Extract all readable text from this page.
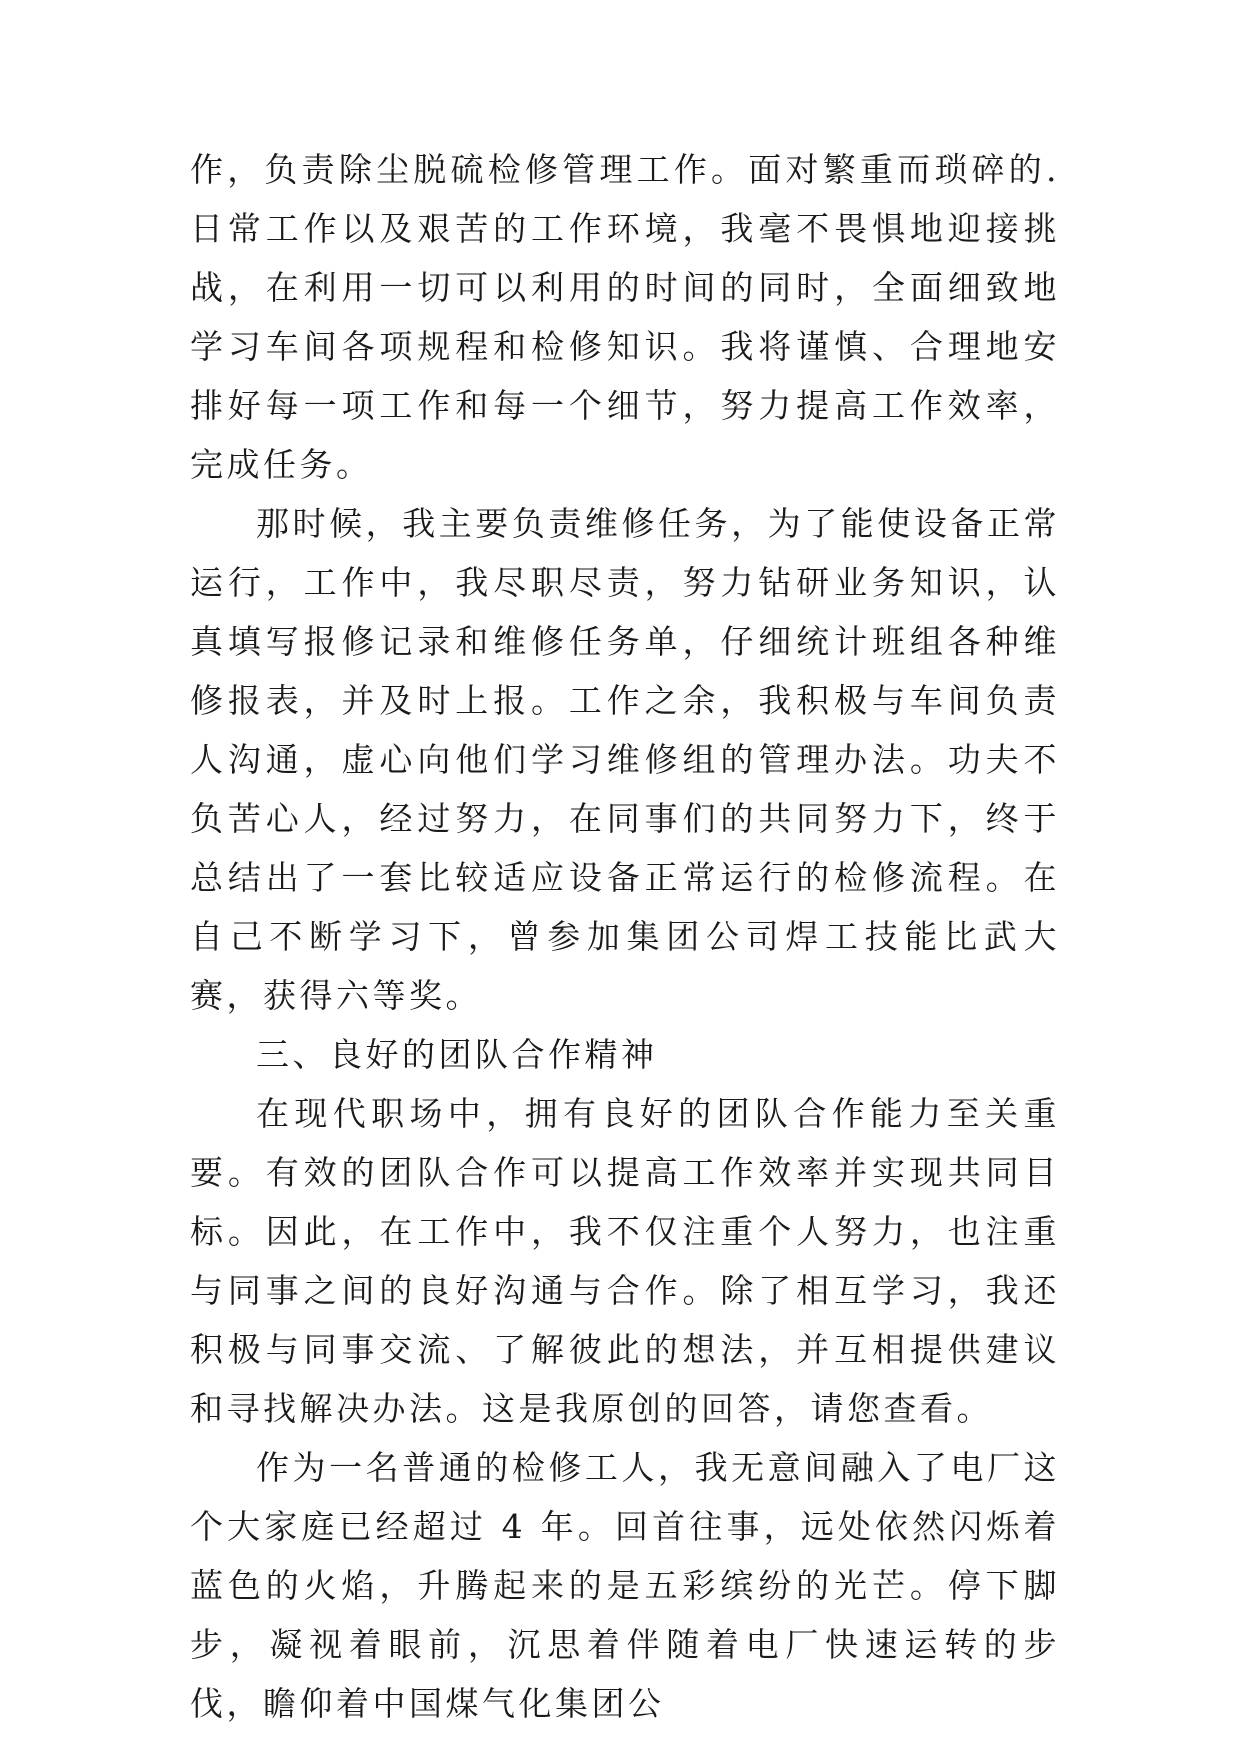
作，负责除尘脱硫检修管理工作。面对繁重而琐碎的.日常工作以及艰苦的工作环境，我毫不畏惧地迎接挑战，在利用一切可以利用的时间的同时，全面细致地学习车间各项规程和检修知识。我将谨慎、合理地安排好每一项工作和每一个细节，努力提高工作效率，完成任务。

那时候，我主要负责维修任务，为了能使设备正常运行，工作中，我尽职尽责，努力钻研业务知识，认真填写报修记录和维修任务单，仔细统计班组各种维修报表，并及时上报。工作之余，我积极与车间负责人沟通，虚心向他们学习维修组的管理办法。功夫不负苦心人，经过努力，在同事们的共同努力下，终于总结出了一套比较适应设备正常运行的检修流程。在自己不断学习下，曾参加集团公司焊工技能比武大赛，获得六等奖。

三、良好的团队合作精神

在现代职场中，拥有良好的团队合作能力至关重要。有效的团队合作可以提高工作效率并实现共同目标。因此，在工作中，我不仅注重个人努力，也注重与同事之间的良好沟通与合作。除了相互学习，我还积极与同事交流、了解彼此的想法，并互相提供建议和寻找解决办法。这是我原创的回答，请您查看。

作为一名普通的检修工人，我无意间融入了电厂这个大家庭已经超过 4 年。回首往事，远处依然闪烁着蓝色的火焰，升腾起来的是五彩缤纷的光芒。停下脚步，凝视着眼前，沉思着伴随着电厂快速运转的步伐，瞻仰着中国煤气化集团公
